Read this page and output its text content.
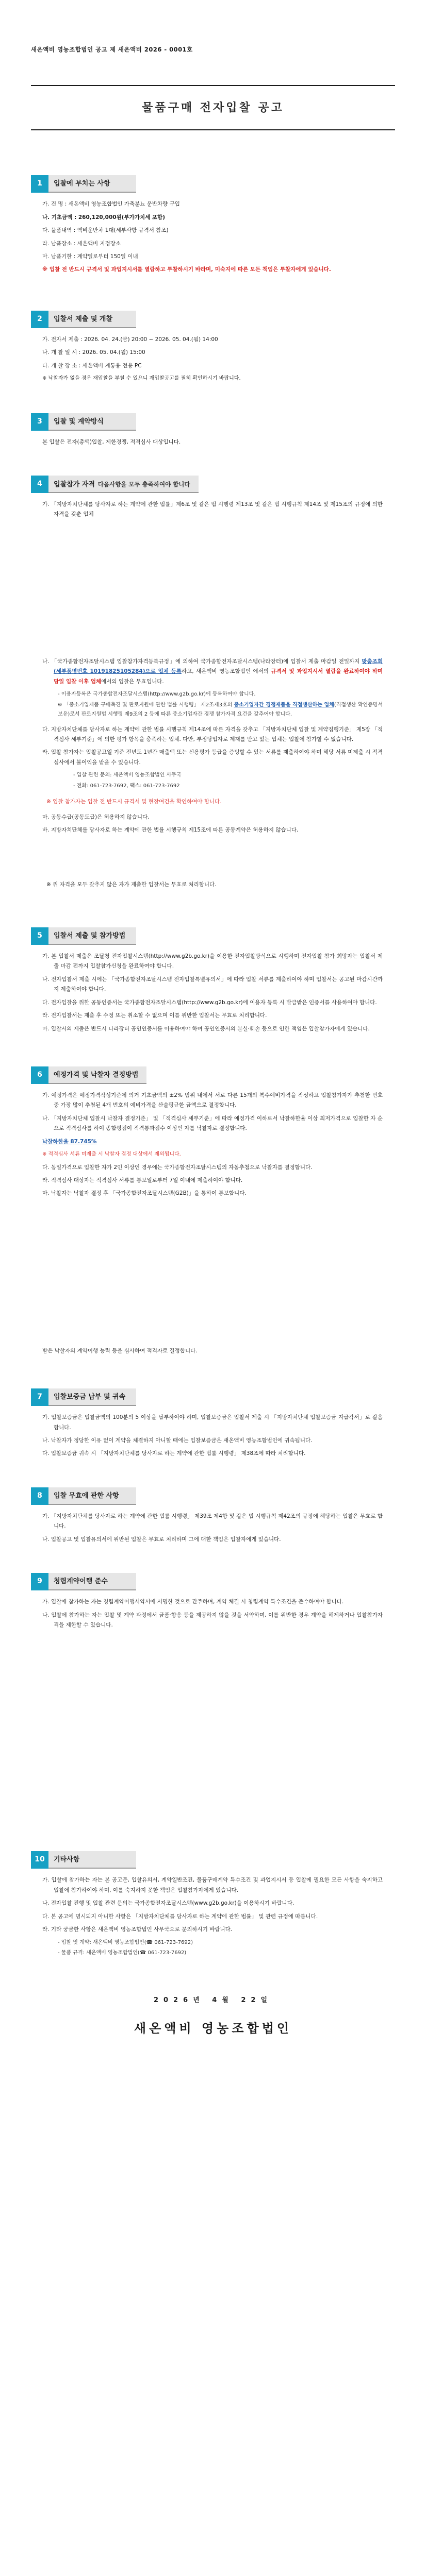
새온액비 영농조합법인 공고 제 새온액비 2026 - 0001호
물품구매 전자입찰 공고
1	입찰에 부치는 사항
가. 건 명 : 새온액비 영농조합법인 가축분뇨 운반차량 구입
나. 기초금액 : 260,120,000원(부가가치세 포함)
다. 물품내역 : 액비운반차 1대(세부사항 규격서 참조)
라. 납품장소 : 새온액비 지정장소
마. 납품기한 : 계약일로부터 150일 이내
※ 입찰 전 반드시 규격서 및 과업지시서를 열람하고 투찰하시기 바라며, 미숙지에 따른 모든 책임은 투찰자에게 있습니다.
2	입찰서 제출 및 개찰
가. 전자서 제출 : 2026. 04. 24.(금) 20:00 ~ 2026. 05. 04.(월) 14:00
나. 개 찰 일 시 : 2026. 05. 04.(월) 15:00
다. 개 찰 장 소 : 새온액비 계통용 전용 PC
※ 낙찰자가 없을 경우 재입찰을 부칠 수 있으니 재입찰공고를 필히 확인하시기 바랍니다.
3	입찰 및 계약방식
본 입찰은 전자(총액)입찰, 제한경쟁, 적격심사 대상입니다.
4	입찰참가 자격 다음사항을 모두 충족하여야 합니다
가. 「지방자치단체를 당사자로 하는 계약에 관한 법률」제6조 및 같은 법 시행령 제13조 및 같은 법 시행규칙 제14조 및 제15조의 규정에 의한 자격을 갖춘 업체
나. 「국가종합전자조달시스템 입찰참가자격등록규정」에 의하여 국가종합전자조달시스템(나라장터)에 입찰서 제출 마감일 전일까지 맞춤조회(세부품명번호 10191825105284)으로 업체 등록하고, 새온액비 영농조합법인 에서의 규격서 및 과업지시서 열람을 완료하여야 하며 당일 입찰 이후 업체에서의 입찰은 무효입니다.

- 이용자등록은 국가종합전자조달시스템(http://www.g2b.go.kr)에 등록하여야 합니다.

※ 「중소기업제품 구매촉진 및 판로지원에 관한 법률 시행령」 제2조제3호의 중소기업자간 경쟁제품을 직접생산하는 업체(직접생산 확인증명서 보유)로서 판로지원법 시행령 제9조의 2 등에 따른 중소기업자간 경쟁 참가자격 요건을 갖추어야 합니다.

다. 지방자치단체를 당사자로 하는 계약에 관한 법률 시행규칙 제14조에 따른 자격을 갖추고 「지방자치단체 입찰 및 계약집행기준」 제5장 「적격심사 세부기준」에 의한 평가 항목을 충족하는 업체. 다만, 부정당업자로 제재를 받고 있는 업체는 입찰에 참가할 수 없습니다.
라. 입찰 참가자는 입찰공고일 기준 전년도 1년간 매출액 또는 신용평가 등급을 증빙할 수 있는 서류를 제출하여야 하며 해당 서류 미제출 시 적격심사에서 불이익을 받을 수 있습니다.

- 입찰 관련 문의: 새온액비 영농조합법인 사무국

- 전화: 061-723-7692, 팩스: 061-723-7692

※ 입찰 참가자는 입찰 전 반드시 규격서 및 현장여건을 확인하여야 합니다.
마. 공동수급(공동도급)은 허용하지 않습니다.
바. 지방자치단체를 당사자로 하는 계약에 관한 법률 시행규칙 제15조에 따른 공동계약은 허용하지 않습니다.
※ 위 자격을 모두 갖추지 않은 자가 제출한 입찰서는 무효로 처리합니다.
5	입찰서 제출 및 참가방법
가. 본 입찰서 제출은 조달청 전자입찰시스템(http://www.g2b.go.kr)을 이용한 전자입찰방식으로 시행하며 전자입찰 참가 희망자는 입찰서 제출 마감 전까지 입찰참가신청을 완료하여야 합니다.
나. 전자입찰서 제출 시에는 「국가종합전자조달시스템 전자입찰특별유의서」에 따라 입찰 서류를 제출하여야 하며 입찰서는 공고된 마감시간까지 제출하여야 합니다.
다. 전자입찰을 위한 공동인증서는 국가종합전자조달시스템(http://www.g2b.go.kr)에 이용자 등록 시 발급받은 인증서를 사용하여야 합니다.
라. 전자입찰서는 제출 후 수정 또는 취소할 수 없으며 이를 위반한 입찰서는 무효로 처리합니다.
마. 입찰서의 제출은 반드시 나라장터 공인인증서를 이용하여야 하며 공인인증서의 분실·훼손 등으로 인한 책임은 입찰참가자에게 있습니다.
6	예정가격 및 낙찰자 결정방법
가. 예정가격은 예정가격작성기준에 의거 기초금액의 ±2% 범위 내에서 서로 다른 15개의 복수예비가격을 작성하고 입찰참가자가 추첨한 번호 중 가장 많이 추첨된 4개 번호의 예비가격을 산술평균한 금액으로 결정합니다.
나. 「지방자치단체 입찰시 낙찰자 결정기준」 및 「적격심사 세부기준」에 따라 예정가격 이하로서 낙찰하한율 이상 최저가격으로 입찰한 자 순으로 적격심사를 하여 종합평점이 적격통과점수 이상인 자를 낙찰자로 결정합니다.
낙찰하한율 87.745%
※ 적격심사 서류 미제출 시 낙찰자 결정 대상에서 제외됩니다.
다. 동일가격으로 입찰한 자가 2인 이상인 경우에는 국가종합전자조달시스템의 자동추첨으로 낙찰자를 결정합니다.
라. 적격심사 대상자는 적격심사 서류를 통보일로부터 7일 이내에 제출하여야 합니다.
마. 낙찰자는 낙찰자 결정 후 「국가종합전자조달시스템(G2B)」을 통하여 통보합니다.
받은 낙찰자의 계약이행 능력 등을 심사하여 적격자로 결정합니다.
7	입찰보증금 납부 및 귀속
가. 입찰보증금은 입찰금액의 100분의 5 이상을 납부하여야 하며, 입찰보증금은 입찰서 제출 시 「지방자치단체 입찰보증금 지급각서」로 갈음합니다.
나. 낙찰자가 정당한 이유 없이 계약을 체결하지 아니할 때에는 입찰보증금은 새온액비 영농조합법인에 귀속됩니다.
다. 입찰보증금 귀속 시 「지방자치단체를 당사자로 하는 계약에 관한 법률 시행령」 제38조에 따라 처리합니다.
8	입찰 무효에 관한 사항
가. 「지방자치단체를 당사자로 하는 계약에 관한 법률 시행령」 제39조 제4항 및 같은 법 시행규칙 제42조의 규정에 해당하는 입찰은 무효로 합니다.
나. 입찰공고 및 입찰유의서에 위반된 입찰은 무효로 처리하며 그에 대한 책임은 입찰자에게 있습니다.
9	청렴계약이행 준수
가. 입찰에 참가하는 자는 청렴계약이행서약서에 서명한 것으로 간주하며, 계약 체결 시 청렴계약 특수조건을 준수하여야 합니다.
나. 입찰에 참가하는 자는 입찰 및 계약 과정에서 금품·향응 등을 제공하지 않을 것을 서약하며, 이를 위반한 경우 계약을 해제하거나 입찰참가자격을 제한할 수 있습니다.
10	기타사항
가. 입찰에 참가하는 자는 본 공고문, 입찰유의서, 계약일반조건, 물품구매계약 특수조건 및 과업지시서 등 입찰에 필요한 모든 사항을 숙지하고 입찰에 참가하여야 하며, 이를 숙지하지 못한 책임은 입찰참가자에게 있습니다.
나. 전자입찰 진행 및 입찰 관련 문의는 국가종합전자조달시스템(www.g2b.go.kr)을 이용하시기 바랍니다.
다. 본 공고에 명시되지 아니한 사항은 「지방자치단체를 당사자로 하는 계약에 관한 법률」 및 관련 규정에 따릅니다.
라. 기타 궁금한 사항은 새온액비 영농조합법인 사무국으로 문의하시기 바랍니다.

- 입찰 및 계약: 새온액비 영농조합법인(☎ 061-723-7692)

- 물품 규격: 새온액비 영농조합법인(☎ 061-723-7692)

2026년 4월 22일
새온액비 영농조합법인
